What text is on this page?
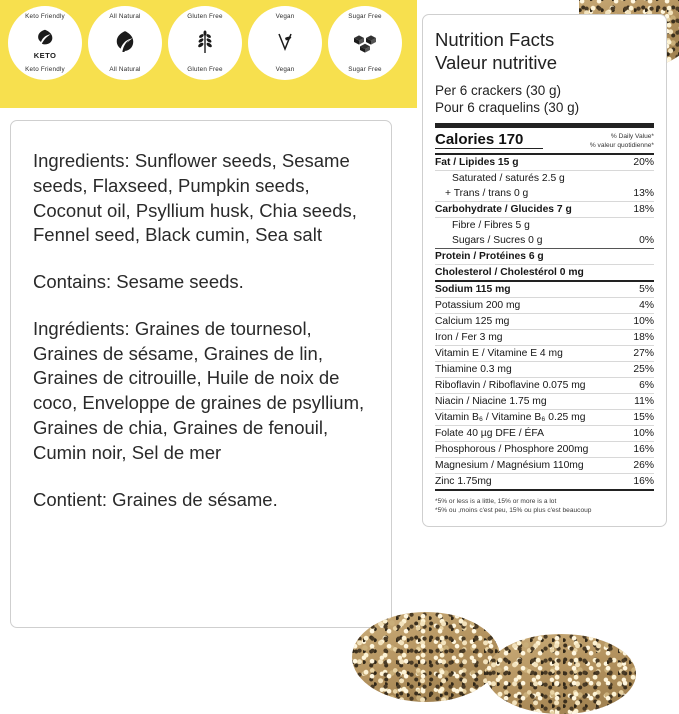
Keto Friendly
Keto Friendly
KETO
All Natural
All Natural
Gluten Free
Gluten Free
Vegan
Vegan
Sugar Free
Sugar Free
Nutrition Facts
Valeur nutritive
Per 6 crackers (30 g)
Pour 6 craquelins (30 g)
Calories 170	% Daily Value*
% valeur quotidienne*
Fat / Lipides 15 g	20%
Saturated / saturés 2.5 g	
+ Trans / trans 0 g	13%
Carbohydrate / Glucides 7 g	18%
Fibre / Fibres 5 g	
Sugars / Sucres 0 g	0%
Protein / Protéines 6 g	
Cholesterol / Cholestérol 0 mg	
Sodium 115 mg	5%
Potassium 200 mg	4%
Calcium 125 mg	10%
Iron / Fer 3 mg	18%
Vitamin E / Vitamine E 4 mg	27%
Thiamine 0.3 mg	25%
Riboflavin / Riboflavine 0.075 mg	6%
Niacin / Niacine 1.75 mg	11%
Vitamin B₆ / Vitamine B₆ 0.25 mg	15%
Folate 40 µg DFE / ÉFA	10%
Phosphorous / Phosphore 200mg	16%
Magnesium / Magnésium 110mg	26%
Zinc 1.75mg	16%
*5% or less is a little, 15% or more is a lot
*5% ou ,moins c'est peu, 15% ou plus c'est beaucoup

Ingredients: Sunflower seeds, Sesame seeds, Flaxseed, Pumpkin seeds, Coconut oil, Psyllium husk, Chia seeds, Fennel seed, Black cumin, Sea salt

Contains: Sesame seeds.

Ingrédients: Graines de tournesol, Graines de sésame, Graines de lin, Graines de citrouille, Huile de noix de coco, Enveloppe de graines de psyllium, Graines de chia, Graines de fenouil, Cumin noir, Sel de mer

Contient: Graines de sésame.
